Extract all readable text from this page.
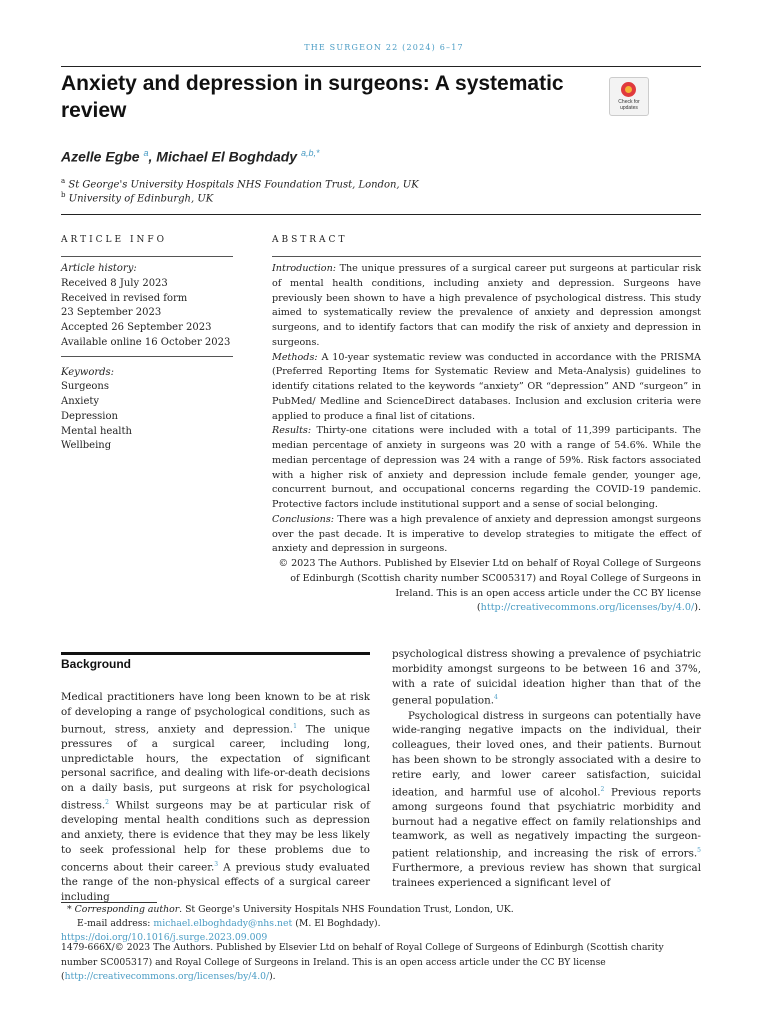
THE SURGEON 22 (2024) 6–17
Anxiety and depression in surgeons: A systematic review	Check for
updates
Azelle Egbe $^a$, Michael El Boghdady $^{a,b,*}$
$^a$ St George's University Hospitals NHS Foundation Trust, London, UK
$^b$ University of Edinburgh, UK
ARTICLE INFO	ABSTRACT
Article history:
Received 8 July 2023
Received in revised form
23 September 2023
Accepted 26 September 2023
Available online 16 October 2023
Keywords:
Surgeons
Anxiety
Depression
Mental health
Wellbeing

Introduction: The unique pressures of a surgical career put surgeons at particular risk of mental health conditions, including anxiety and depression. Surgeons have previously been shown to have a high prevalence of psychological distress. This study aimed to systematically review the prevalence of anxiety and depression amongst surgeons, and to identify factors that can modify the risk of anxiety and depression in surgeons.

Methods: A 10-year systematic review was conducted in accordance with the PRISMA (Preferred Reporting Items for Systematic Review and Meta-Analysis) guidelines to identify citations related to the keywords “anxiety” OR “depression” AND “surgeon” in PubMed/ Medline and ScienceDirect databases. Inclusion and exclusion criteria were applied to produce a final list of citations.

Results: Thirty-one citations were included with a total of 11,399 participants. The median percentage of anxiety in surgeons was 20 with a range of 54.6%. While the median percentage of depression was 24 with a range of 59%. Risk factors associated with a higher risk of anxiety and depression include female gender, younger age, concurrent burnout, and occupational concerns regarding the COVID-19 pandemic. Protective factors include institutional support and a sense of social belonging.

Conclusions: There was a high prevalence of anxiety and depression amongst surgeons over the past decade. It is imperative to develop strategies to mitigate the effect of anxiety and depression in surgeons.

© 2023 The Authors. Published by Elsevier Ltd on behalf of Royal College of Surgeons of Edinburgh (Scottish charity number SC005317) and Royal College of Surgeons in Ireland. This is an open access article under the CC BY license (http://creativecommons.org/licenses/by/4.0/).

Background

Medical practitioners have long been known to be at risk of developing a range of psychological conditions, such as burnout, stress, anxiety and depression.$^1$ The unique pressures of a surgical career, including long, unpredictable hours, the expectation of significant personal sacrifice, and dealing with life-or-death decisions on a daily basis, put surgeons at risk for psychological distress.$^2$ Whilst surgeons may be at particular risk of developing mental health conditions such as depression and anxiety, there is evidence that they may be less likely to seek professional help for these problems due to concerns about their career.$^3$ A previous study evaluated the range of the non-physical effects of a surgical career including

psychological distress showing a prevalence of psychiatric morbidity amongst surgeons to be between 16 and 37%, with a rate of suicidal ideation higher than that of the general population.$^4$

Psychological distress in surgeons can potentially have wide-ranging negative impacts on the individual, their colleagues, their loved ones, and their patients. Burnout has been shown to be strongly associated with a desire to retire early, and lower career satisfaction, suicidal ideation, and harmful use of alcohol.$^2$ Previous reports among surgeons found that psychiatric morbidity and burnout had a negative effect on family relationships and teamwork, as well as negatively impacting the surgeon-patient relationship, and increasing the risk of errors.$^5$ Furthermore, a previous review has shown that surgical trainees experienced a significant level of

* Corresponding author. St George's University Hospitals NHS Foundation Trust, London, UK.
E-mail address: michael.elboghdady@nhs.net (M. El Boghdady).
https://doi.org/10.1016/j.surge.2023.09.009
1479-666X/© 2023 The Authors. Published by Elsevier Ltd on behalf of Royal College of Surgeons of Edinburgh (Scottish charity number SC005317) and Royal College of Surgeons in Ireland. This is an open access article under the CC BY license (http://creativecommons.org/licenses/by/4.0/).
